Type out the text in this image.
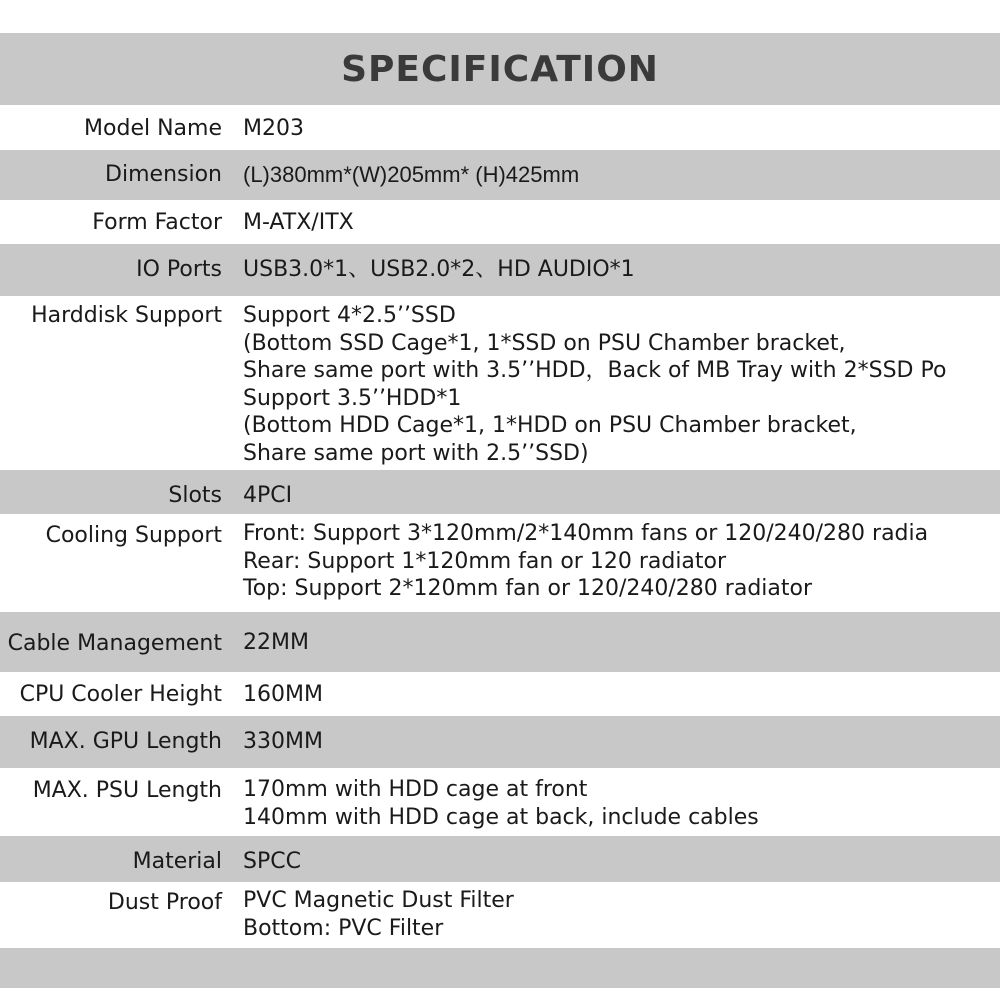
SPECIFICATION
Model Name M203
Dimension (L)380mm*(W)205mm* (H)425mm
Form Factor M-ATX/ITX
IO Ports USB3.0*1、USB2.0*2、HD AUDIO*1
Harddisk Support Support 4*2.5’’SSD
(Bottom SSD Cage*1, 1*SSD on PSU Chamber bracket,
Share same port with 3.5’’HDD，Back of MB Tray with 2*SSD Po
Support 3.5’’HDD*1
(Bottom HDD Cage*1, 1*HDD on PSU Chamber bracket,
Share same port with 2.5’’SSD)
Slots 4PCI
Cooling Support Front: Support 3*120mm/2*140mm fans or 120/240/280 radia
Rear: Support 1*120mm fan or 120 radiator
Top: Support 2*120mm fan or 120/240/280 radiator
Cable Management 22MM
CPU Cooler Height 160MM
MAX. GPU Length 330MM
MAX. PSU Length 170mm with HDD cage at front
140mm with HDD cage at back, include cables
Material SPCC
Dust Proof PVC Magnetic Dust Filter
Bottom: PVC Filter
